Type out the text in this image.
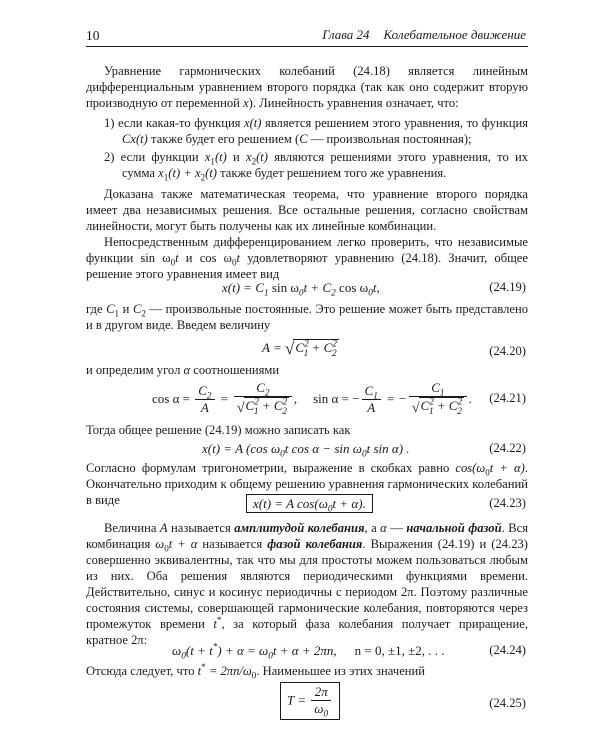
10	Глава 24 Колебательное движение

Уравнение гармонических колебаний (24.18) является линейным дифференциальным уравнением второго порядка (так как оно содержит вторую производную от переменной x). Линейность уравнения означает, что:

1) если какая-то функция x(t) является решением этого уравнения, то функция Cx(t) также будет его решением (C — произвольная постоянная);

2) если функции $x_1(t)$ и $x_2(t)$ являются решениями этого уравнения, то их сумма $x_1(t) + x_2(t)$ также будет решением того же уравнения.

Доказана также математическая теорема, что уравнение второго порядка имеет два независимых решения. Все остальные решения, согласно свойствам линейности, могут быть получены как их линейные комбинации.

Непосредственным дифференцированием легко проверить, что независимые функции $\sin \omega_0t$ и $\cos \omega_0t$ удовлетворяют уравнению (24.18). Значит, общее решение этого уравнения имеет вид

$x(t) = C_1$ $\sin \omega_0t + C_2$ $\cos \omega_0t$,	(24.19)

где $C_1$ и $C_2$ — произвольные постоянные. Это решение может быть представлено и в другом виде. Введем величину

$A = √C^2_1 + C^2_2$	(24.20)

и определим угол α соотношениями

$\cos \alpha = \frac{C_2}{A} = \frac{C_2}{√C^2_1 + C^2_2}$ , sin α = − $\frac{C_1}{A}$ = − $\frac{C_1}{√C^2_1 + C^2_2}$ . (24.21)

Тогда общее решение (24.19) можно записать как

x(t) = A (cos $\omega_0t$ $\cos \alpha - \sin \omega_0t$ sin α) .	(24.22)

Согласно формулам тригонометрии, выражение в скобках равно $\cos(\omega_0t + \alpha)$. Окончательно приходим к общему решению уравнения гармонических колебаний в виде	x(t) = A $\cos(\omega_0t + \alpha)$.	(24.23)

Величина A называется амплитудой колебания, а α — начальной фазой. Вся комбинация $\omega_0t + \alpha$ называется фазой колебания. Выражения (24.19) и (24.23) совершенно эквивалентны, так что мы для простоты можем пользоваться любым из них. Оба решения являются периодическими функциями времени. Действительно, синус и косинус периодичны с периодом 2π. Поэтому различные состояния системы, совершающей гармонические колебания, повторяются через промежуток времени t*, за который фаза колебания получает приращение, кратное 2π:

$\omega_0(t + t^*) + \alpha = \omega_0t + \alpha + 2\pi n$, n = 0, ±1, ±2, . . .	(24.24)

Отсюда следует, что $t^* = 2\pi n/\omega_0$. Наименьшее из этих значений

$T = \frac{2\pi}{\omega_0}$	(24.25)
